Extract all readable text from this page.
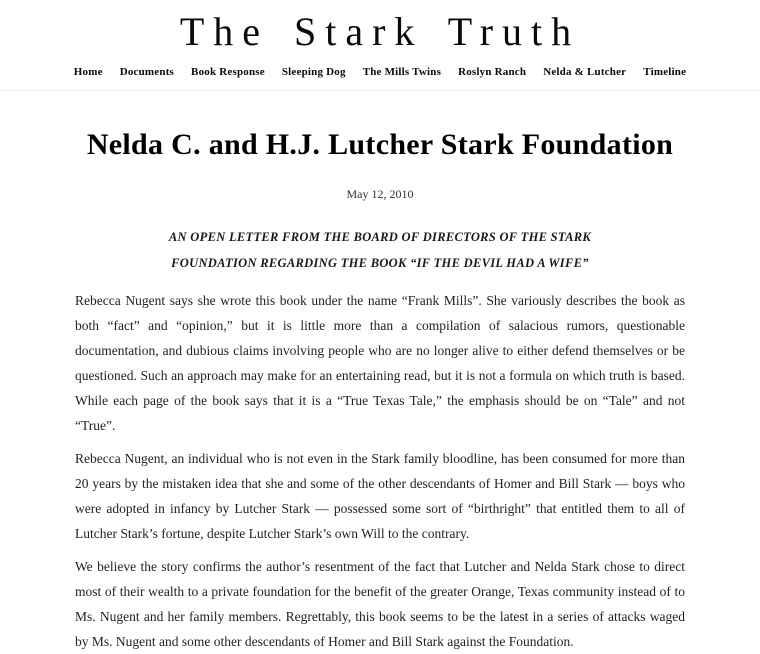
The Stark Truth
Home Documents Book Response Sleeping Dog The Mills Twins Roslyn Ranch Nelda & Lutcher Timeline
Nelda C. and H.J. Lutcher Stark Foundation
May 12, 2010
AN OPEN LETTER FROM THE BOARD OF DIRECTORS OF THE STARK
FOUNDATION REGARDING THE BOOK “IF THE DEVIL HAD A WIFE”

Rebecca Nugent says she wrote this book under the name “Frank Mills”. She variously describes the book as both “fact” and “opinion,” but it is little more than a compilation of salacious rumors, questionable documentation, and dubious claims involving people who are no longer alive to either defend themselves or be questioned. Such an approach may make for an entertaining read, but it is not a formula on which truth is based. While each page of the book says that it is a “True Texas Tale,” the emphasis should be on “Tale” and not “True”.

Rebecca Nugent, an individual who is not even in the Stark family bloodline, has been consumed for more than 20 years by the mistaken idea that she and some of the other descendants of Homer and Bill Stark — boys who were adopted in infancy by Lutcher Stark — possessed some sort of “birthright” that entitled them to all of Lutcher Stark’s fortune, despite Lutcher Stark’s own Will to the contrary.

We believe the story confirms the author’s resentment of the fact that Lutcher and Nelda Stark chose to direct most of their wealth to a private foundation for the benefit of the greater Orange, Texas community instead of to Ms. Nugent and her family members. Regrettably, this book seems to be the latest in a series of attacks waged by Ms. Nugent and some other descendants of Homer and Bill Stark against the Foundation.
